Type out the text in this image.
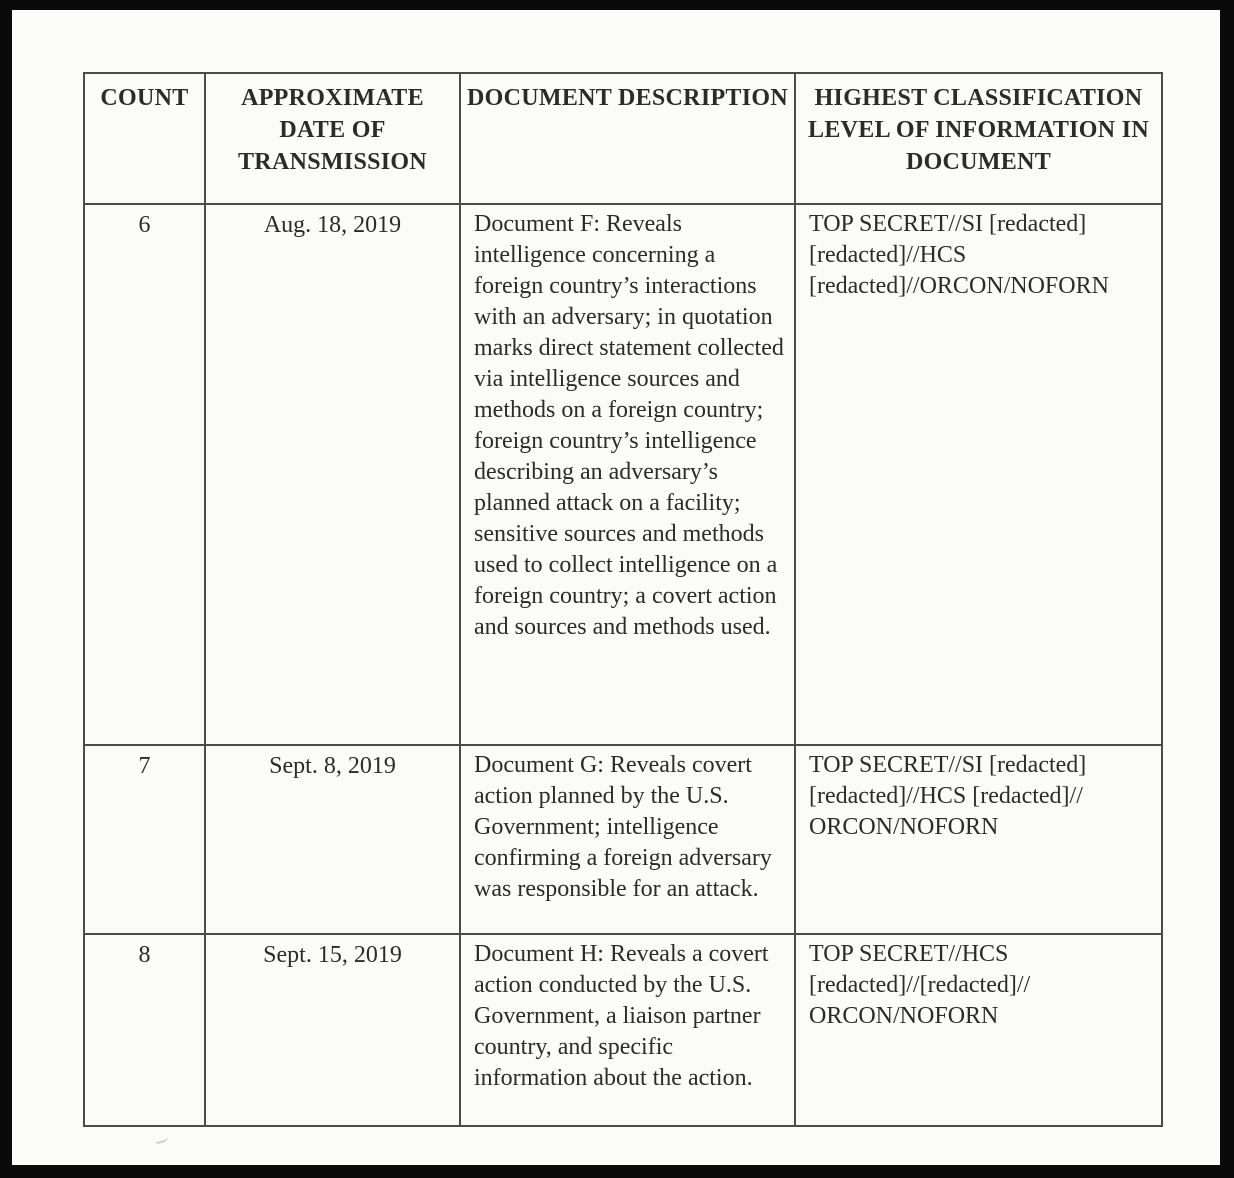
COUNT	APPROXIMATE DATE OF TRANSMISSION	DOCUMENT DESCRIPTION	HIGHEST CLASSIFICATION LEVEL OF INFORMATION IN DOCUMENT
6	Aug. 18, 2019	Document F: Reveals intelligence concerning a foreign country’s interactions with an adversary; in quotation marks direct statement collected via intelligence sources and methods on a foreign country; foreign country’s intelligence describing an adversary’s planned attack on a facility; sensitive sources and methods used to collect intelligence on a foreign country; a covert action and sources and methods used.	TOP SECRET//SI [redacted] [redacted]//HCS [redacted]//ORCON/NOFORN
7	Sept. 8, 2019	Document G: Reveals covert action planned by the U.S. Government; intelligence confirming a foreign adversary was responsible for an attack.	TOP SECRET//SI [redacted] [redacted]//HCS [redacted]// ORCON/NOFORN
8	Sept. 15, 2019	Document H: Reveals a covert action conducted by the U.S. Government, a liaison partner country, and specific information about the action.	TOP SECRET//HCS [redacted]//[redacted]// ORCON/NOFORN
